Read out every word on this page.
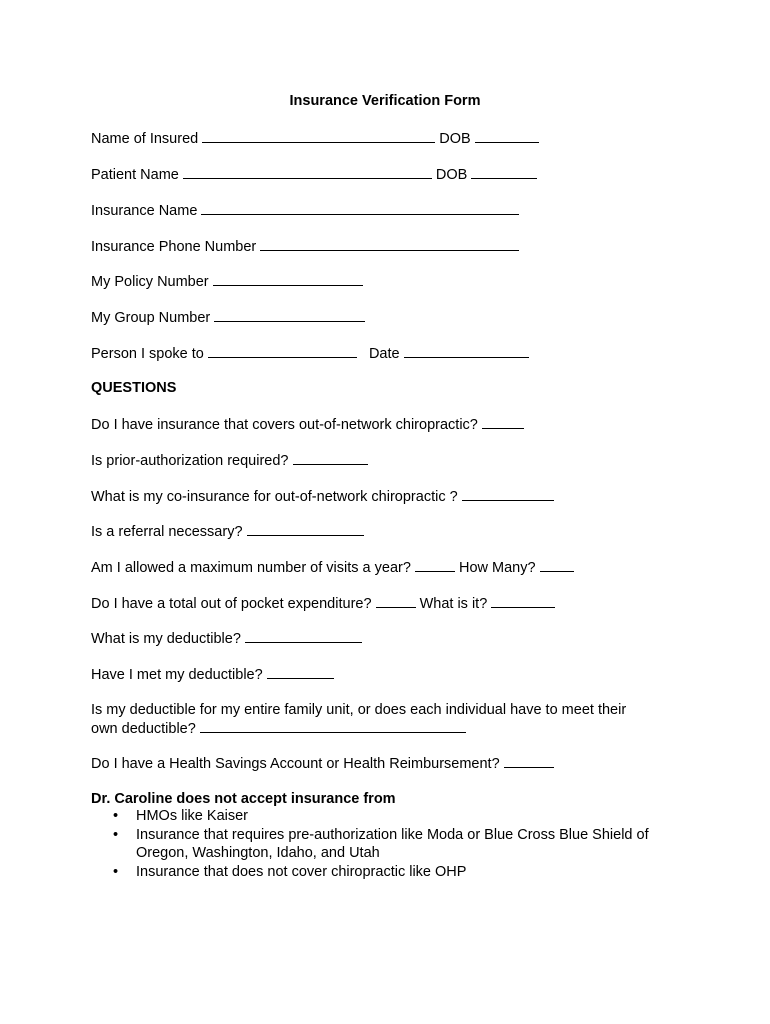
Insurance Verification Form
Name of Insured	DOB
Patient Name	DOB
Insurance Name
Insurance Phone Number
My Policy Number
My Group Number
Person I spoke to	Date
QUESTIONS
Do I have insurance that covers out-of-network chiropractic?
Is prior-authorization required?
What is my co-insurance for out-of-network chiropractic ?
Is a referral necessary?
Am I allowed a maximum number of visits a year?	How Many?
Do I have a total out of pocket expenditure?	What is it?
What is my deductible?
Have I met my deductible?
Is my deductible for my entire family unit, or does each individual have to meet their
own deductible?
Do I have a Health Savings Account or Health Reimbursement?
Dr. Caroline does not accept insurance from
• HMOs like Kaiser
• Insurance that requires pre-authorization like Moda or Blue Cross Blue Shield of Oregon, Washington, Idaho, and Utah
• Insurance that does not cover chiropractic like OHP
